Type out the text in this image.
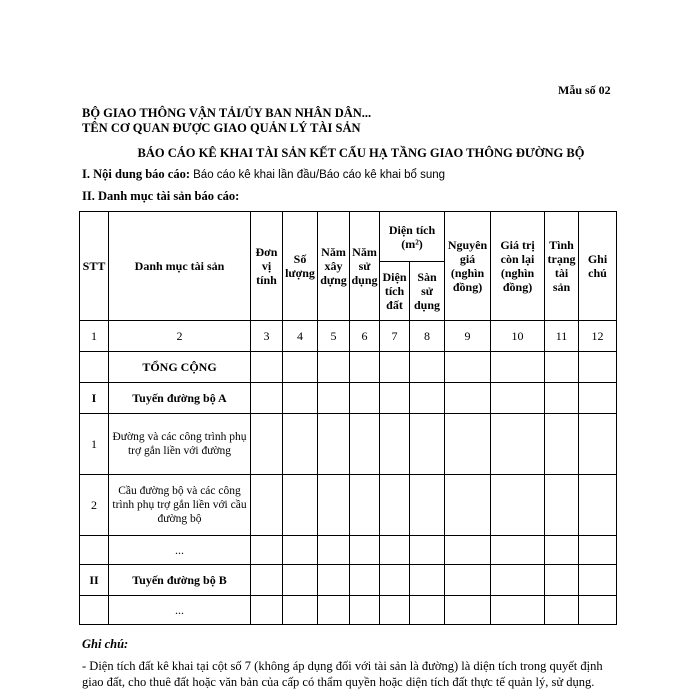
Mẫu số 02
BỘ GIAO THÔNG VẬN TẢI/ỦY BAN NHÂN DÂN...
TÊN CƠ QUAN ĐƯỢC GIAO QUẢN LÝ TÀI SẢN
BÁO CÁO KÊ KHAI TÀI SẢN KẾT CẤU HẠ TẦNG GIAO THÔNG ĐƯỜNG BỘ
I. Nội dung báo cáo: Báo cáo kê khai lần đầu/Báo cáo kê khai bổ sung
II. Danh mục tài sản báo cáo:
STT	Danh mục tài sản	Đơn vị tính	Số lượng	Năm xây dựng	Năm sử dụng	Diện tích (m²)		Nguyên giá (nghìn đồng)	Giá trị còn lại (nghìn đồng)	Tình trạng tài sản	Ghi chú
						Diện tích đất	Sàn sử dụng				
1	2	3	4	5	6	7	8	9	10	11	12
	TỔNG CỘNG										
I	Tuyến đường bộ A										
1	Đường và các công trình phụ trợ gắn liền với đường										
2	Cầu đường bộ và các công trình phụ trợ gắn liền với cầu đường bộ										
	...										
II	Tuyến đường bộ B										
	...										
Ghi chú:
- Diện tích đất kê khai tại cột số 7 (không áp dụng đối với tài sản là đường) là diện tích trong quyết định giao đất, cho thuê đất hoặc văn bản của cấp có thẩm quyền hoặc diện tích đất thực tế quản lý, sử dụng.
